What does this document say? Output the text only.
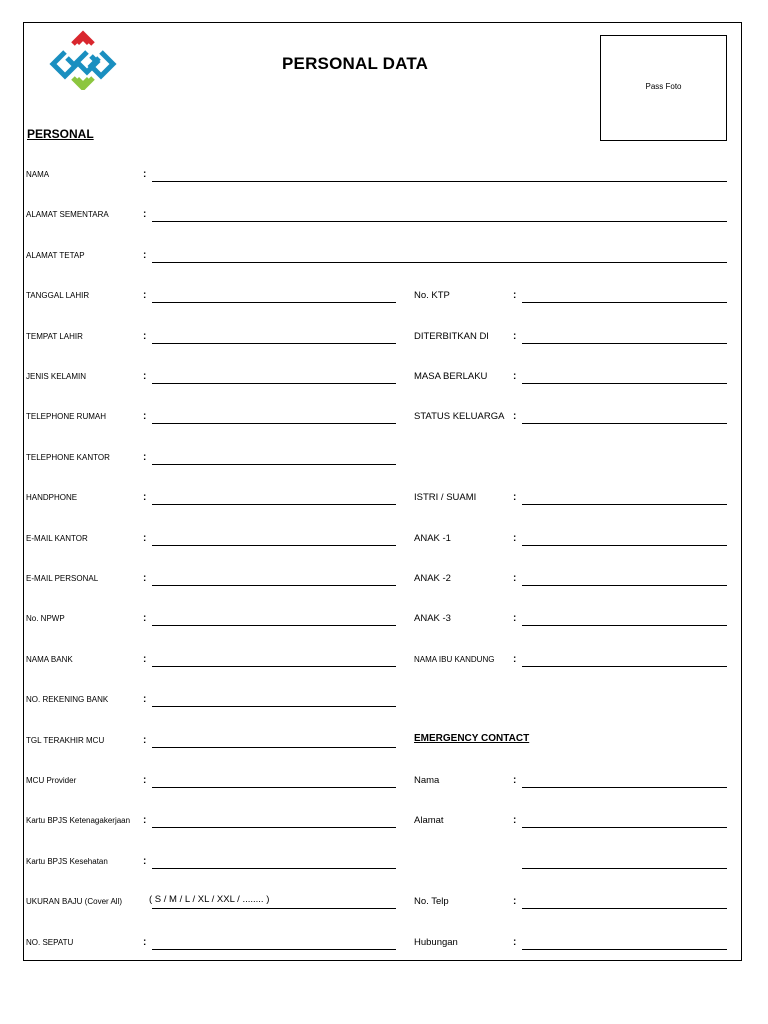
PERSONAL DATA
Pass Foto
PERSONAL
EMERGENCY CONTACT
NAMA	:
ALAMAT SEMENTARA	:
ALAMAT TETAP	:
TANGGAL LAHIR	:
TEMPAT LAHIR	:
JENIS KELAMIN	:
TELEPHONE RUMAH	:
TELEPHONE KANTOR	:
HANDPHONE	:
E-MAIL KANTOR	:
E-MAIL PERSONAL	:
No. NPWP	:
NAMA BANK	:
NO. REKENING BANK	:
TGL TERAKHIR MCU	:
MCU Provider	:
Kartu BPJS Ketenagakerjaan :
Kartu BPJS Kesehatan	:
UKURAN BAJU (Cover All)	( S / M / L / XL / XXL / ........ )
NO. SEPATU	:
No. KTP	:
DITERBITKAN DI :
MASA BERLAKU	:
STATUS KELUARGA :
ISTRI / SUAMI	:
ANAK -1	:
ANAK -2	:
ANAK -3	:
NAMA IBU KANDUNG :
Nama	:
Alamat	:
No. Telp	:
Hubungan	:
